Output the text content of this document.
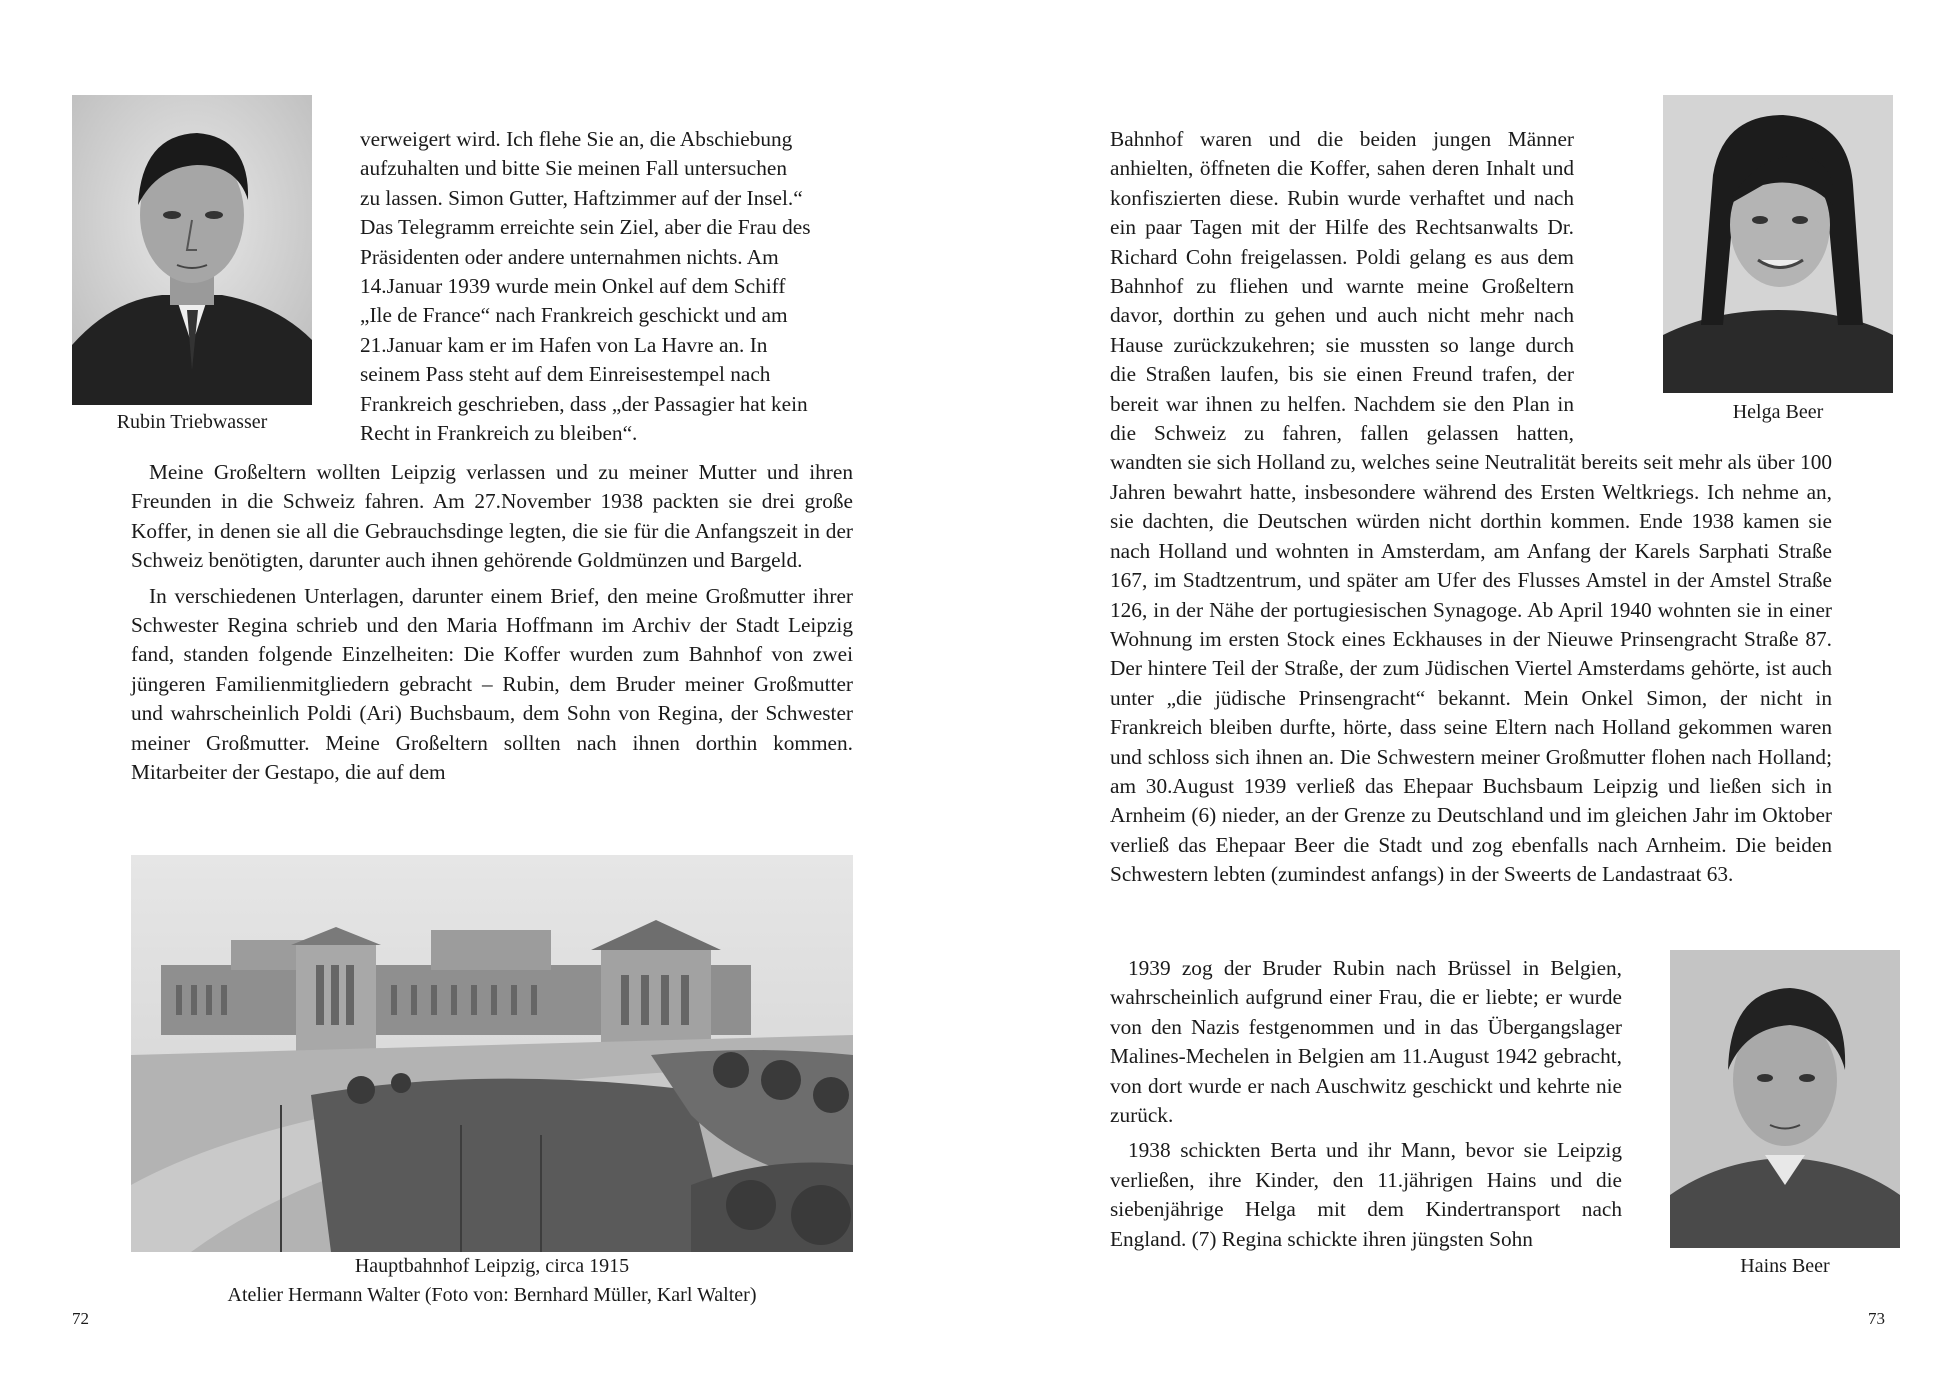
Rubin Triebwasser

verweigert wird. Ich flehe Sie an, die Abschiebung

aufzuhalten und bitte Sie meinen Fall untersuchen

zu lassen. Simon Gutter, Haftzimmer auf der Insel.“

Das Telegramm erreichte sein Ziel, aber die Frau des

Präsidenten oder andere unternahmen nichts. Am

14.Januar 1939 wurde mein Onkel auf dem Schiff

„Ile de France“ nach Frankreich geschickt und am

21.Januar kam er im Hafen von La Havre an. In

seinem Pass steht auf dem Einreisestempel nach

Frankreich geschrieben, dass „der Passagier hat kein

Recht in Frankreich zu bleiben“.

Meine Großeltern wollten Leipzig verlassen und zu meiner Mutter und ihren Freunden in die Schweiz fahren. Am 27.November 1938 packten sie drei große Koffer, in denen sie all die Gebrauchsdinge legten, die sie für die Anfangszeit in der Schweiz benötigten, darunter auch ihnen gehörende Goldmünzen und Bargeld.

In verschiedenen Unterlagen, darunter einem Brief, den meine Großmutter ihrer Schwester Regina schrieb und den Maria Hoffmann im Archiv der Stadt Leipzig fand, standen folgende Einzelheiten: Die Koffer wurden zum Bahnhof von zwei jüngeren Familienmitgliedern gebracht – Rubin, dem Bruder meiner Großmutter und wahrscheinlich Poldi (Ari) Buchsbaum, dem Sohn von Regina, der Schwester meiner Großmutter. Meine Großeltern sollten nach ihnen dorthin kommen. Mitarbeiter der Gestapo, die auf dem

Hauptbahnhof Leipzig, circa 1915
Atelier Hermann Walter (Foto von: Bernhard Müller, Karl Walter)
72
Helga Beer
Hains Beer

Bahnhof waren und die beiden jungen Männer anhielten, öffneten die Koffer, sahen deren Inhalt und konfiszierten diese. Rubin wurde verhaftet und nach ein paar Tagen mit der Hilfe des Rechtsanwalts Dr. Richard Cohn freigelassen. Poldi gelang es aus dem Bahnhof zu fliehen und warnte meine Großeltern davor, dorthin zu gehen und auch nicht mehr nach Hause zurückzukehren; sie mussten so lange durch die Straßen laufen, bis sie einen Freund trafen, der bereit war ihnen zu helfen. Nachdem sie den Plan in die Schweiz zu fahren, fallen gelassen hatten, wandten sie sich Holland zu, welches seine Neutralität bereits seit mehr als über 100 Jahren bewahrt hatte, insbesondere während des Ersten Weltkriegs. Ich nehme an, sie dachten, die Deutschen würden nicht dorthin kommen. Ende 1938 kamen sie nach Holland und wohnten in Amsterdam, am Anfang der Karels Sarphati Straße 167, im Stadtzentrum, und später am Ufer des Flusses Amstel in der Amstel Straße 126, in der Nähe der portugiesischen Synagoge. Ab April 1940 wohnten sie in einer Wohnung im ersten Stock eines Eckhauses in der Nieuwe Prinsengracht Straße 87. Der hintere Teil der Straße, der zum Jüdischen Viertel Amsterdams gehörte, ist auch unter „die jüdische Prinsengracht“ bekannt. Mein Onkel Simon, der nicht in Frankreich bleiben durfte, hörte, dass seine Eltern nach Holland gekommen waren und schloss sich ihnen an. Die Schwestern meiner Großmutter flohen nach Holland; am 30.August 1939 verließ das Ehepaar Buchsbaum Leipzig und ließen sich in Arnheim (6) nieder, an der Grenze zu Deutschland und im gleichen Jahr im Oktober verließ das Ehepaar Beer die Stadt und zog ebenfalls nach Arnheim. Die beiden Schwestern lebten (zumindest anfangs) in der Sweerts de Landastraat 63.

1939 zog der Bruder Rubin nach Brüssel in Belgien, wahrscheinlich aufgrund einer Frau, die er liebte; er wurde von den Nazis festgenommen und in das Übergangslager Malines-Mechelen in Belgien am 11.August 1942 gebracht, von dort wurde er nach Auschwitz geschickt und kehrte nie zurück.

1938 schickten Berta und ihr Mann, bevor sie Leipzig verließen, ihre Kinder, den 11.jährigen Hains und die siebenjährige Helga mit dem Kindertransport nach England. (7) Regina schickte ihren jüngsten Sohn

73
